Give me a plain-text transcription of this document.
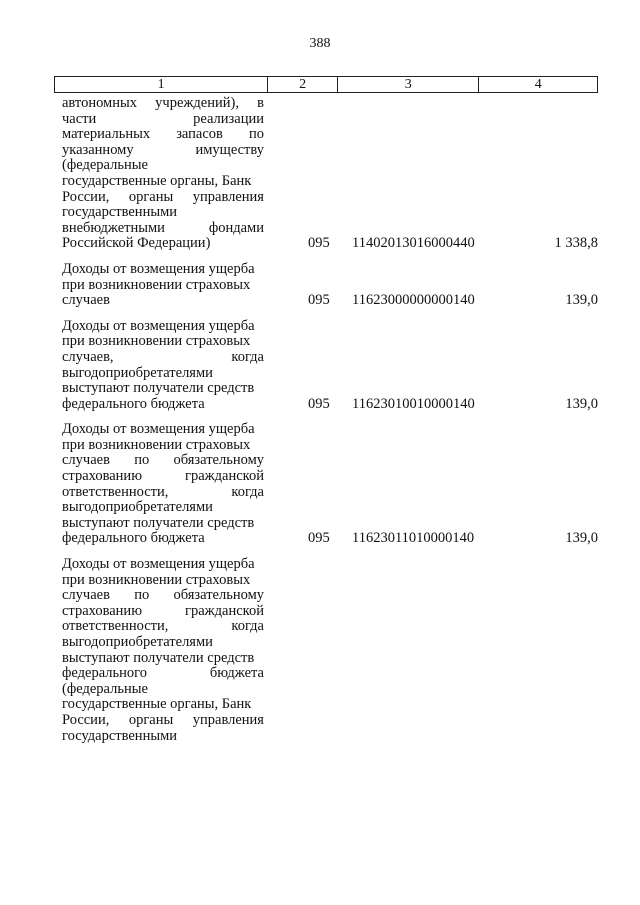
388
1	2	3	4
автономных учреждений), в
части	реализации
материальных запасов по
указанному	имуществу
(федеральные
государственные органы, Банк
России, органы управления
государственными
внебюджетными	фондами
Российской Федерации)	095 11402013016000440	1 338,8
Доходы от возмещения ущерба
при возникновении страховых
случаев	095 11623000000000140	139,0
Доходы от возмещения ущерба
при возникновении страховых
случаев,	когда
выгодоприобретателями
выступают получатели средств
федерального бюджета	095 11623010010000140	139,0
Доходы от возмещения ущерба
при возникновении страховых
случаев по обязательному
страхованию	гражданской
ответственности,	когда
выгодоприобретателями
выступают получатели средств
федерального бюджета	095 11623011010000140	139,0
Доходы от возмещения ущерба
при возникновении страховых
случаев по обязательному
страхованию	гражданской
ответственности,	когда
выгодоприобретателями
выступают получатели средств
федерального	бюджета
(федеральные
государственные органы, Банк
России, органы управления
государственными
